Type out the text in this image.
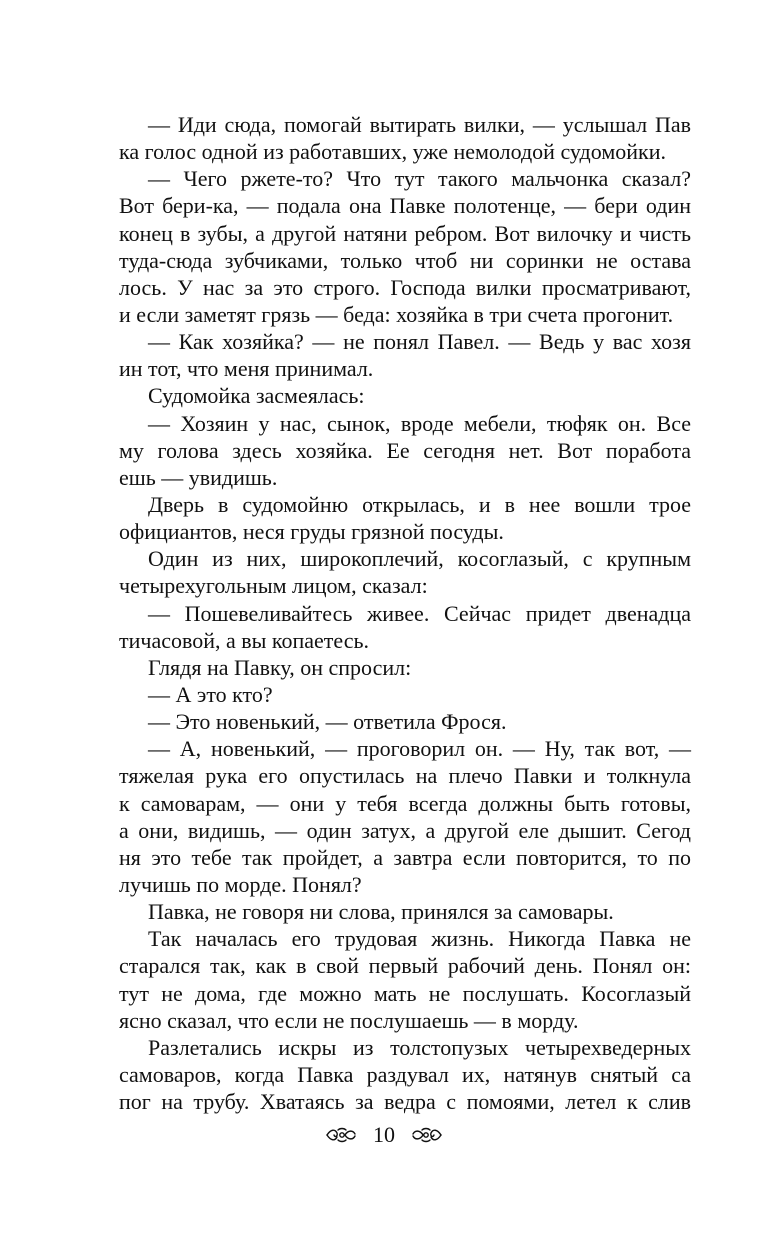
— Иди сюда, помогай вытирать вилки, — услышал Пав
ка голос одной из работавших, уже немолодой судомойки.
— Чего ржете-то? Что тут такого мальчонка сказал?
Вот бери-ка, — подала она Павке полотенце, — бери один
конец в зубы, а другой натяни ребром. Вот вилочку и чисть
туда-сюда зубчиками, только чтоб ни соринки не остава
лось. У нас за это строго. Господа вилки просматривают,
и если заметят грязь — беда: хозяйка в три счета прогонит.
— Как хозяйка? — не понял Павел. — Ведь у вас хозя
ин тот, что меня принимал.
Судомойка засмеялась:
— Хозяин у нас, сынок, вроде мебели, тюфяк он. Все
му голова здесь хозяйка. Ее сегодня нет. Вот поработа
ешь — увидишь.
Дверь в судомойню открылась, и в нее вошли трое
официантов, неся груды грязной посуды.
Один из них, широкоплечий, косоглазый, с крупным
четырехугольным лицом, сказал:
— Пошевеливайтесь живее. Сейчас придет двенадца
тичасовой, а вы копаетесь.
Глядя на Павку, он спросил:
— А это кто?
— Это новенький, — ответила Фрося.
— А, новенький, — проговорил он. — Ну, так вот, —
тяжелая рука его опустилась на плечо Павки и толкнула
к самоварам, — они у тебя всегда должны быть готовы,
а они, видишь, — один затух, а другой еле дышит. Сегод
ня это тебе так пройдет, а завтра если повторится, то по
лучишь по морде. Понял?
Павка, не говоря ни слова, принялся за самовары.
Так началась его трудовая жизнь. Никогда Павка не
старался так, как в свой первый рабочий день. Понял он:
тут не дома, где можно мать не послушать. Косоглазый
ясно сказал, что если не послушаешь — в морду.
Разлетались искры из толстопузых четырехведерных
самоваров, когда Павка раздувал их, натянув снятый са
пог на трубу. Хватаясь за ведра с помоями, летел к слив
10
